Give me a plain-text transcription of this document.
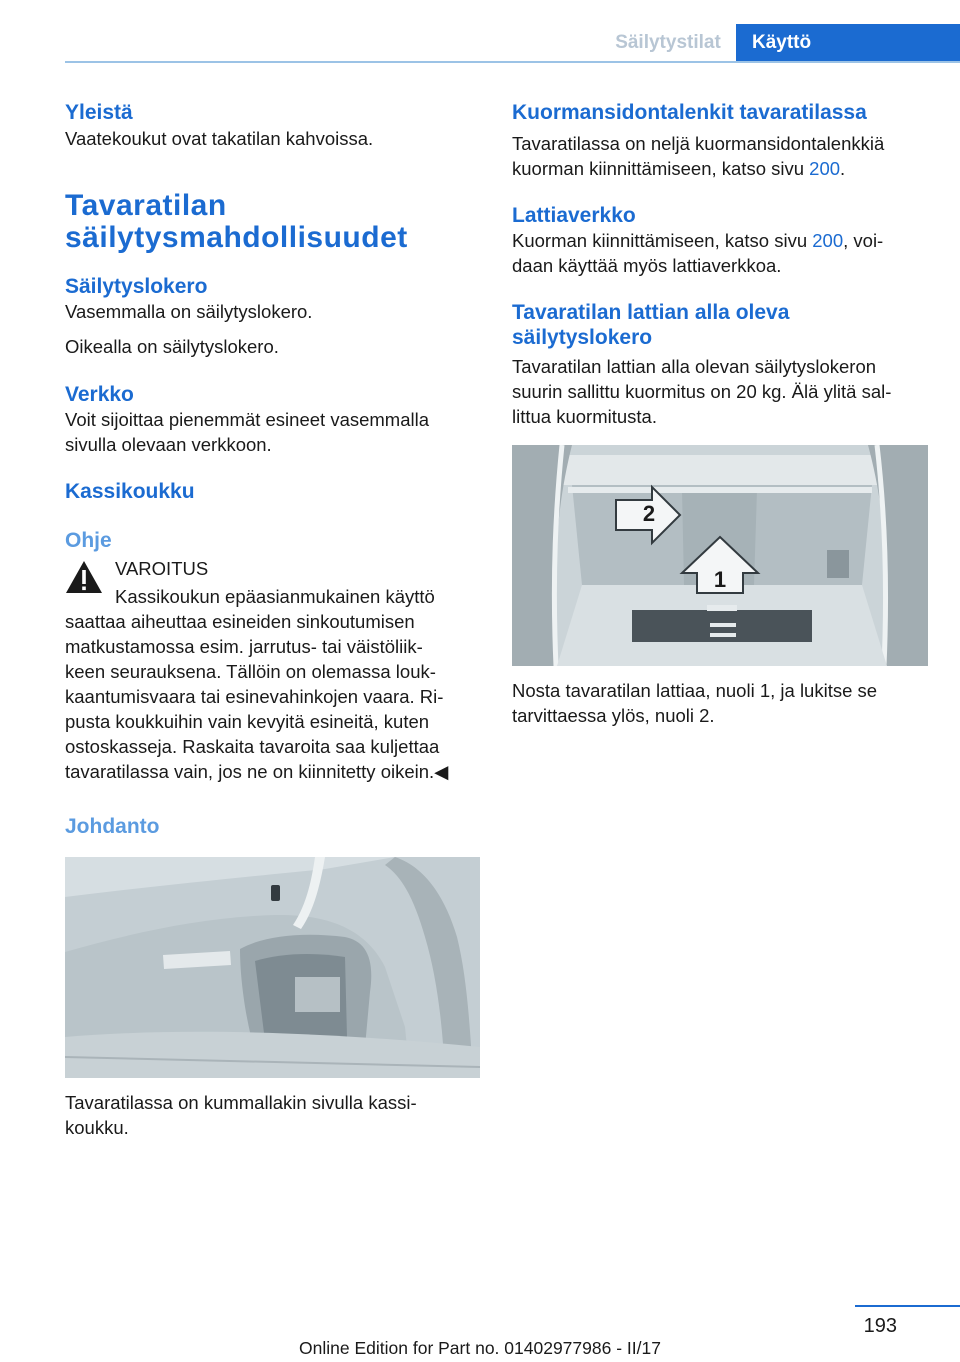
Säilytystilat	Käyttö
Yleistä

Vaatekoukut ovat takatilan kahvoissa.

Tavaratilan
säilytysmahdollisuudet
Säilytyslokero

Vasemmalla on säilytyslokero.

Oikealla on säilytyslokero.

Verkko

Voit sijoittaa pienemmät esineet vasemmalla

sivulla olevaan verkkoon.

Kassikoukku
Ohje
VAROITUS

Kassikoukun epäasianmukainen käyttö

saattaa aiheuttaa esineiden sinkoutumisen

matkustamossa esim. jarrutus- tai väistöliik-

keen seurauksena. Tällöin on olemassa louk-

kaantumisvaara tai esinevahinkojen vaara. Ri-

pusta koukkuihin vain kevyitä esineitä, kuten

ostoskasseja. Raskaita tavaroita saa kuljettaa

tavaratilassa vain, jos ne on kiinnitetty oikein.◀

Johdanto

Tavaratilassa on kummallakin sivulla kassi-

koukku.

Kuormansidontalenkit tavaratilassa

Tavaratilassa on neljä kuormansidontalenkkiä

kuorman kiinnittämiseen, katso sivu 200.

Lattiaverkko

Kuorman kiinnittämiseen, katso sivu 200, voi-

daan käyttää myös lattiaverkkoa.

Tavaratilan lattian alla oleva
säilytyslokero

Tavaratilan lattian alla olevan säilytyslokeron

suurin sallittu kuormitus on 20 kg. Älä ylitä sal-

littua kuormitusta.

2
1

Nosta tavaratilan lattiaa, nuoli 1, ja lukitse se

tarvittaessa ylös, nuoli 2.

193
Online Edition for Part no. 01402977986 - II/17
